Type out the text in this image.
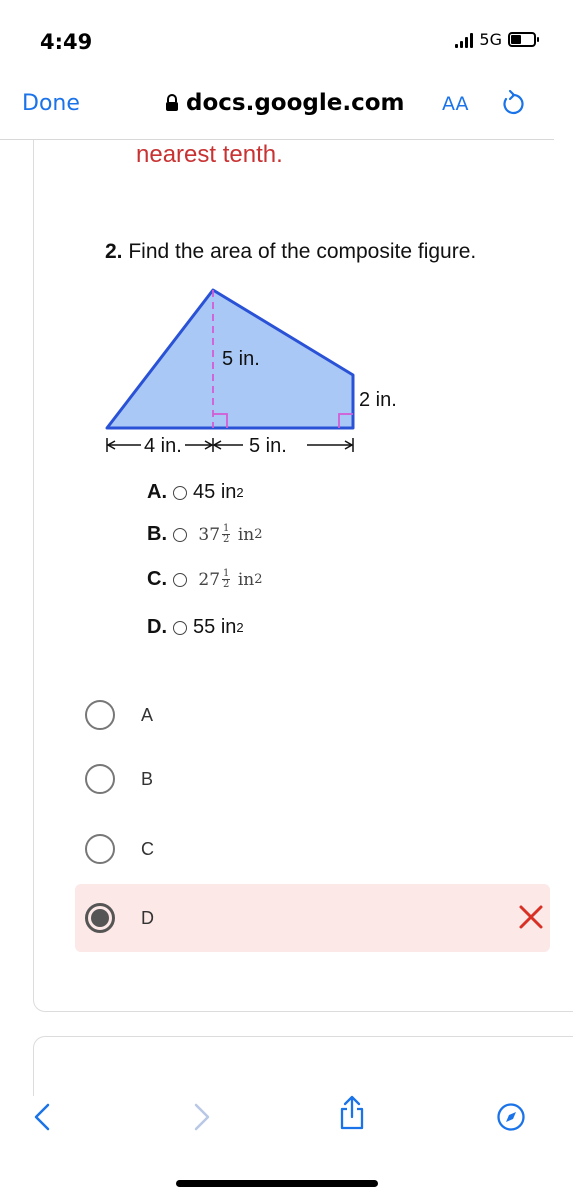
4:49	5G
Done	docs.google.com AA
nearest tenth.
2. Find the area of the composite figure.
5 in.
2 in.
4 in.	5 in.
A.	45
in 2
B.
	$37 \frac{1}{2}$
in 2
C.
	$27 \frac{1}{2}$
in 2
D.	55
in 2
A
B
C
D
